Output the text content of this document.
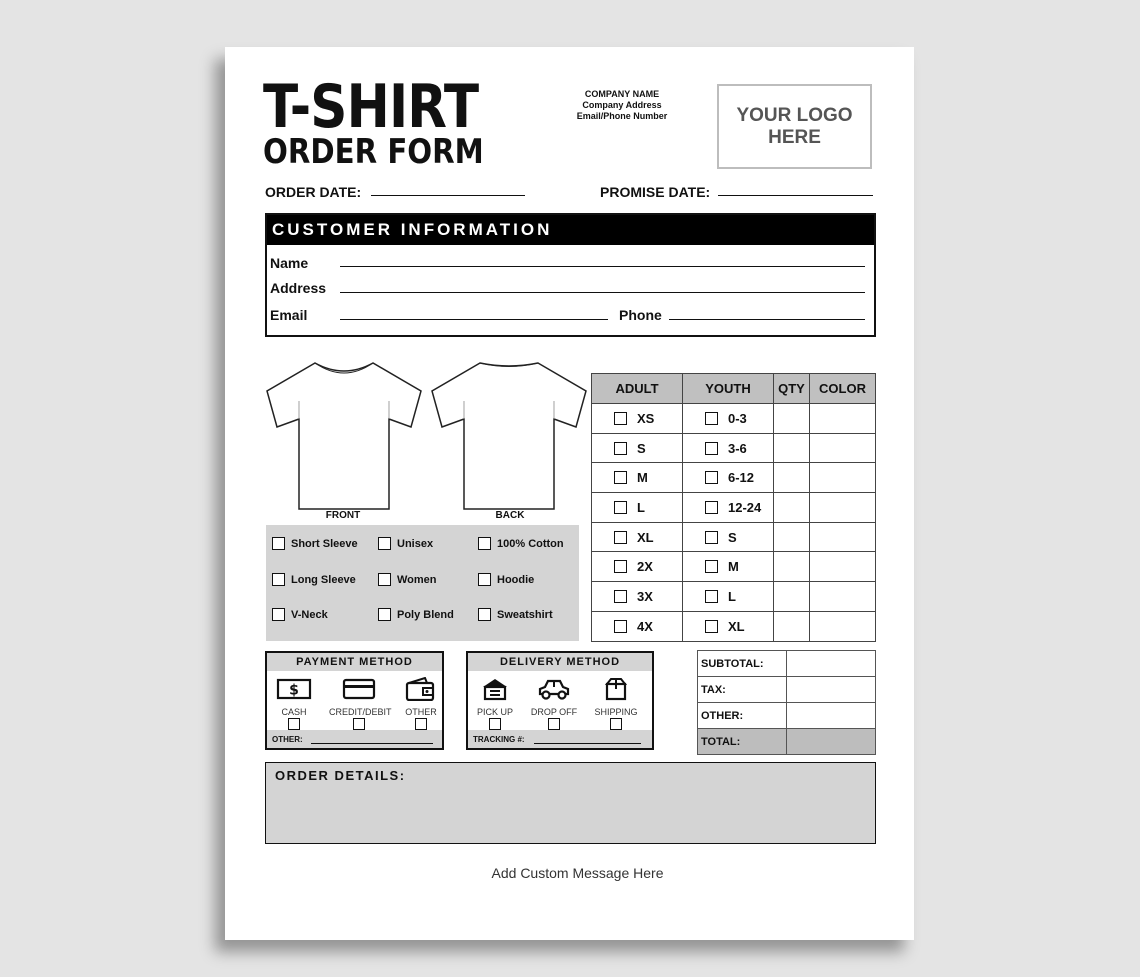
T-SHIRT
ORDER FORM
COMPANY NAME
Company Address
Email/Phone Number	YOUR LOGO HERE
ORDER DATE:	PROMISE DATE:
CUSTOMER INFORMATION
Name
Address
Email	Phone
FRONT	BACK
Short Sleeve	Unisex	100% Cotton
Long Sleeve	Women	Hoodie
V-Neck	Poly Blend	Sweatshirt
ADULT	YOUTH	QTY	COLOR

XS	0-3		

S	3-6		

M	6-12		

L	12-24		

XL	S		

2X	M		

3X	L		

4X	XL		

PAYMENT METHOD
$
CASH	CREDIT/DEBIT	OTHER
OTHER:
DELIVERY METHOD
PICK UP	DROP OFF	SHIPPING
TRACKING #:
SUBTOTAL:	
TAX:	
OTHER:	
TOTAL:	
ORDER DETAILS:
Add Custom Message Here
